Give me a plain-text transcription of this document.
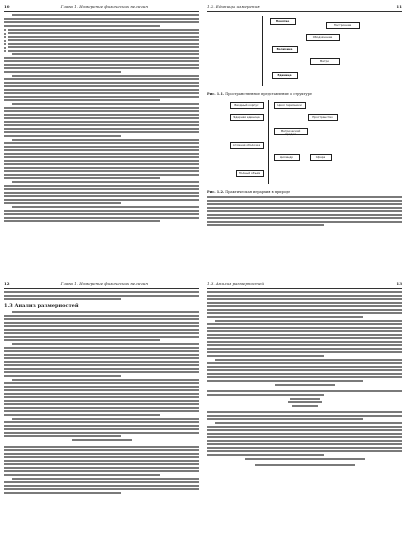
10	Глава 1. Измерение физических величин	1.2. Единицы измерения	11
Понятие
Построение
Ободзачение
Величина
Метро
Единица
Рис. 1.1. Пространственное представление о структуре
Вводный корпус	Цикл гармоники
Ядерная единица	Пространство
Метрический предел
Атомная оболочка
Цилиндр	Сфера
Полный объем
Рис. 1.2. Практическая иерархия в природе
12	Глава 1. Измерение физических величин
1.3 Анализ размерностей
1.3. Анализ размерностей	13
